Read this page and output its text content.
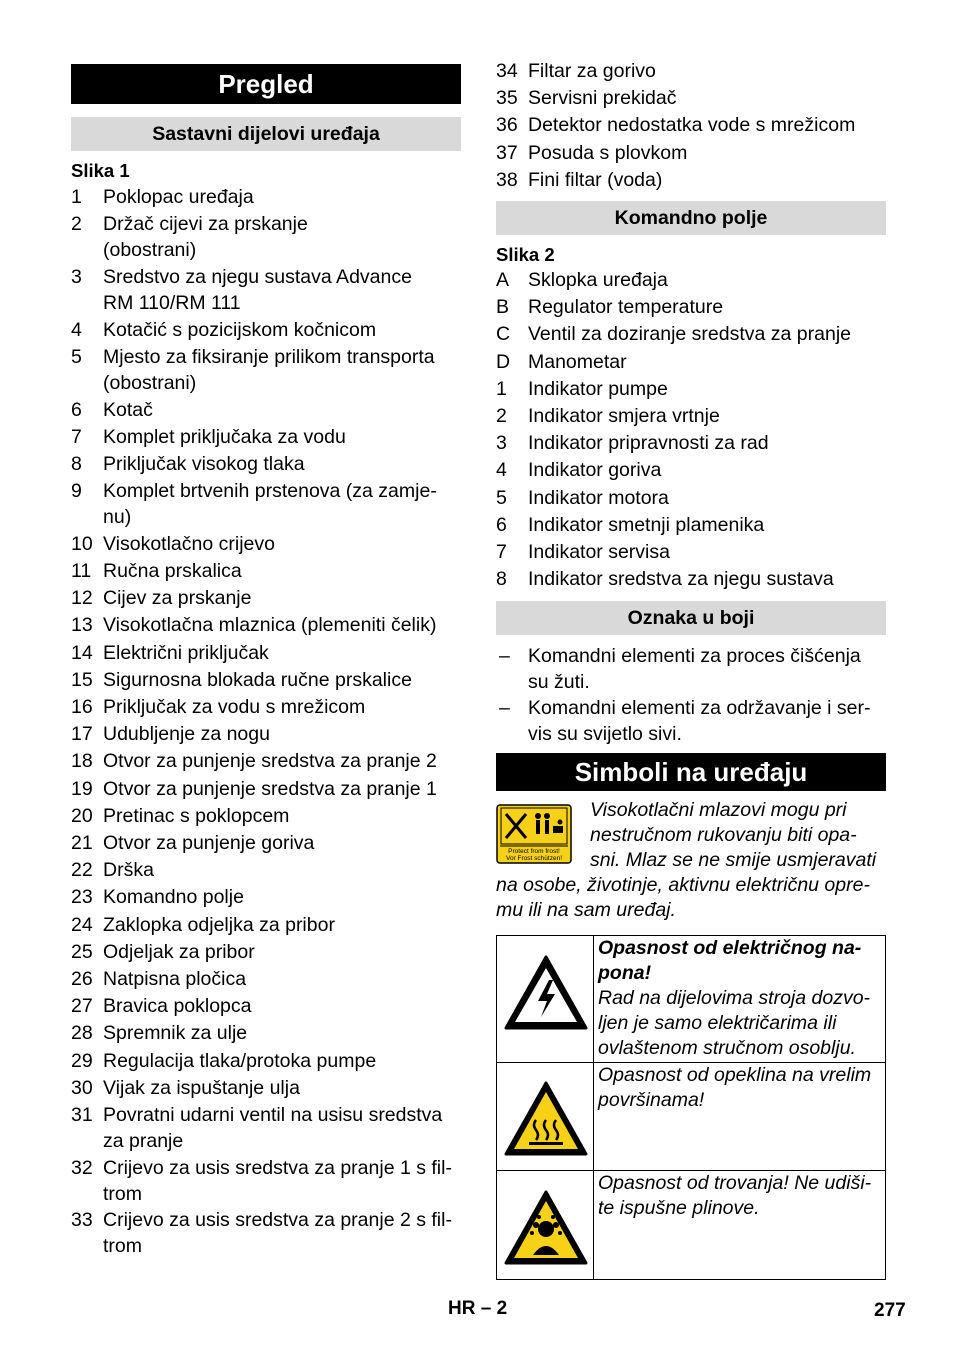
Pregled
Sastavni dijelovi uređaja
Slika 1
1 Poklopac uređaja
2 Držač cijevi za prskanje
(obostrani)
3 Sredstvo za njegu sustava Advance
RM 110/RM 111
4 Kotačić s pozicijskom kočnicom
5 Mjesto za fiksiranje prilikom transporta
(obostrani)
6 Kotač
7 Komplet priključaka za vodu
8 Priključak visokog tlaka
9 Komplet brtvenih prstenova (za zamje-
nu)
10 Visokotlačno crijevo
11 Ručna prskalica
12 Cijev za prskanje
13 Visokotlačna mlaznica (plemeniti čelik)
14 Električni priključak
15 Sigurnosna blokada ručne prskalice
16 Priključak za vodu s mrežicom
17 Udubljenje za nogu
18 Otvor za punjenje sredstva za pranje 2
19 Otvor za punjenje sredstva za pranje 1
20 Pretinac s poklopcem
21 Otvor za punjenje goriva
22 Drška
23 Komandno polje
24 Zaklopka odjeljka za pribor
25 Odjeljak za pribor
26 Natpisna pločica
27 Bravica poklopca
28 Spremnik za ulje
29 Regulacija tlaka/protoka pumpe
30 Vijak za ispuštanje ulja
31 Povratni udarni ventil na usisu sredstva
za pranje
32 Crijevo za usis sredstva za pranje 1 s fil-
trom
33 Crijevo za usis sredstva za pranje 2 s fil-
trom
34 Filtar za gorivo
35 Servisni prekidač
36 Detektor nedostatka vode s mrežicom
37 Posuda s plovkom
38 Fini filtar (voda)
Komandno polje
Slika 2
A Sklopka uređaja
B Regulator temperature
C Ventil za doziranje sredstva za pranje
D Manometar
1 Indikator pumpe
2 Indikator smjera vrtnje
3 Indikator pripravnosti za rad
4 Indikator goriva
5 Indikator motora
6 Indikator smetnji plamenika
7 Indikator servisa
8 Indikator sredstva za njegu sustava
Oznaka u boji
– Komandni elementi za proces čišćenja
su žuti.
– Komandni elementi za održavanje i ser-
vis su svijetlo sivi.
Simboli na uređaju
Protect from frost!
Vor Frost schützen!
Visokotlačni mlazovi mogu pri
nestručnom rukovanju biti opa-
sni. Mlaz se ne smije usmjeravati
na osobe, životinje, aktivnu električnu opre-
mu ili na sam uređaj.
Opasnost od električnog na-
pona!
Rad na dijelovima stroja dozvo-
ljen je samo električarima ili
ovlaštenom stručnom osoblju.
Opasnost od opeklina na vrelim
površinama!
Opasnost od trovanja! Ne udiši-
te ispušne plinove.
HR – 2	277
